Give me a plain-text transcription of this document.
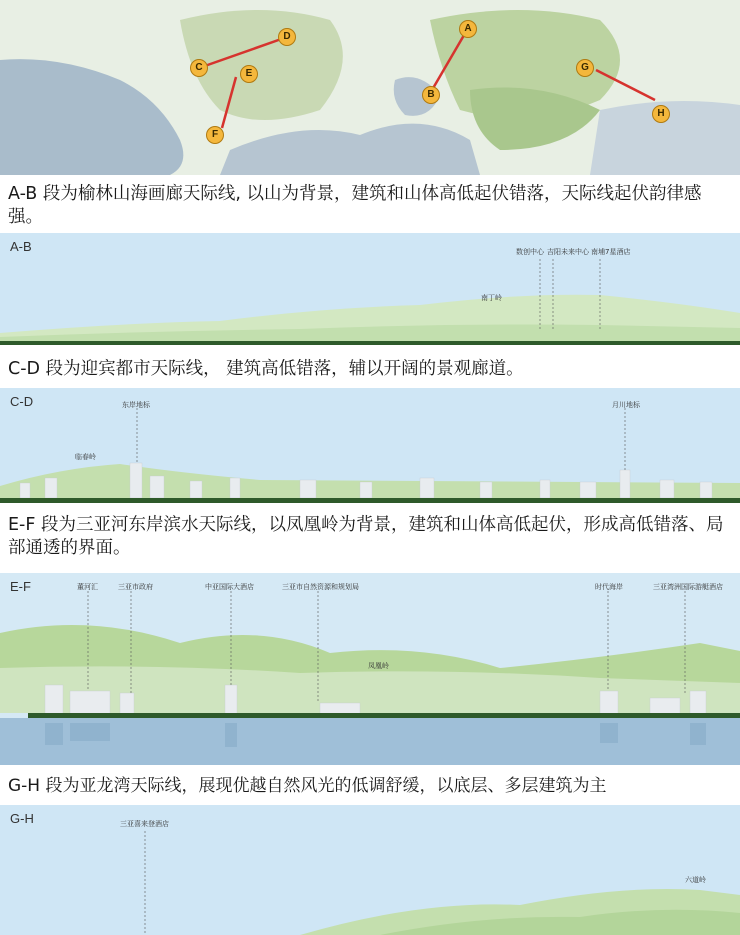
A
B
C
D
E
F
G
H
A-B 段为榆林山海画廊天际线, 以山为背景，建筑和山体高低起伏错落，天际线起伏韵律感强。
A-B	数创中心 吉阳未来中心 南埔7星酒店
南丁岭
C-D 段为迎宾都市天际线， 建筑高低错落，辅以开阔的景观廊道。
C-D	东岸地标	月川地标
临春岭
E-F 段为三亚河东岸滨水天际线，以凤凰岭为背景，建筑和山体高低起伏，形成高低错落、局部通透的界面。
E-F	董河汇	三亚市政府	中亚国际大酒店	三亚市自然资源和规划局	时代海岸	三亚湾洲国际游艇酒店
凤凰岭
G-H 段为亚龙湾天际线，展现优越自然风光的低调舒缓，以底层、多层建筑为主
G-H	三亚喜来登酒店
六道岭
